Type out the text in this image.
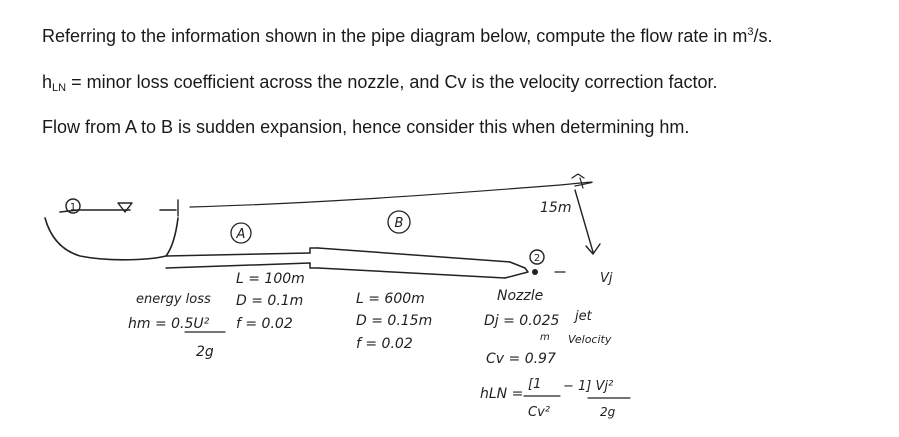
Referring to the information shown in the pipe diagram below, compute the flow rate in $m^3/s$.
$h_{LN}$ = minor loss coefficient across the nozzle, and Cv is the velocity correction factor.
Flow from A to B is sudden expansion, hence consider this when determining hm.
1
2
15m
A
B
energy loss
hm = 0.5U²
2g
L = 100m
D = 0.1m
f = 0.02
L = 600m
D = 0.15m
f = 0.02
Nozzle
Dj = 0.025
m
Vj
jet
Velocity
Cv = 0.97
hLN =
[1
Cv²
− 1] Vj²
2g
